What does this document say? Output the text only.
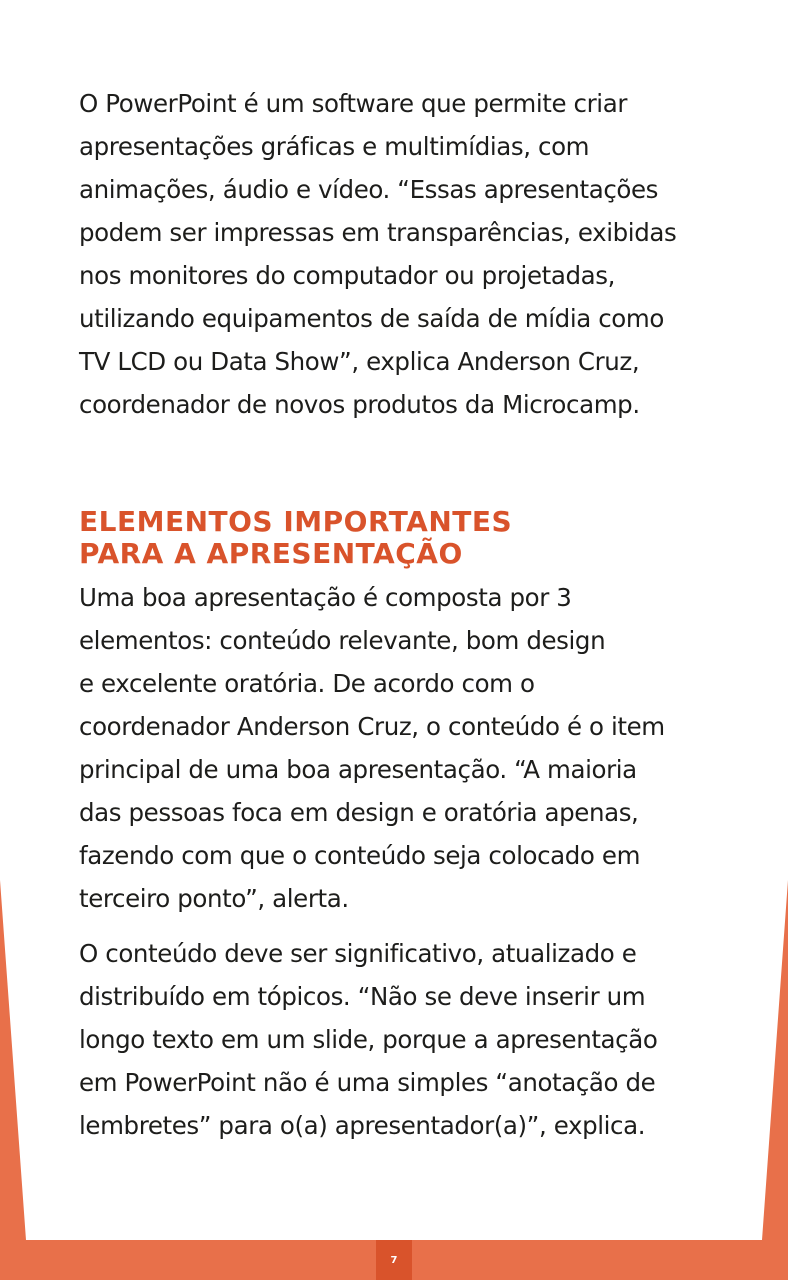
O PowerPoint é um software que permite criar
apresentações gráficas e multimídias, com
animações, áudio e vídeo. “Essas apresentações
podem ser impressas em transparências, exibidas
nos monitores do computador ou projetadas,
utilizando equipamentos de saída de mídia como
TV LCD ou Data Show”, explica Anderson Cruz,
coordenador de novos produtos da Microcamp.

ELEMENTOS IMPORTANTES
PARA A APRESENTAÇÃO

Uma boa apresentação é composta por 3
elementos: conteúdo relevante, bom design
e excelente oratória. De acordo com o
coordenador Anderson Cruz, o conteúdo é o item
principal de uma boa apresentação. “A maioria
das pessoas foca em design e oratória apenas,
fazendo com que o conteúdo seja colocado em
terceiro ponto”, alerta.

O conteúdo deve ser significativo, atualizado e
distribuído em tópicos. “Não se deve inserir um
longo texto em um slide, porque a apresentação
em PowerPoint não é uma simples “anotação de
lembretes” para o(a) apresentador(a)”, explica.

7
